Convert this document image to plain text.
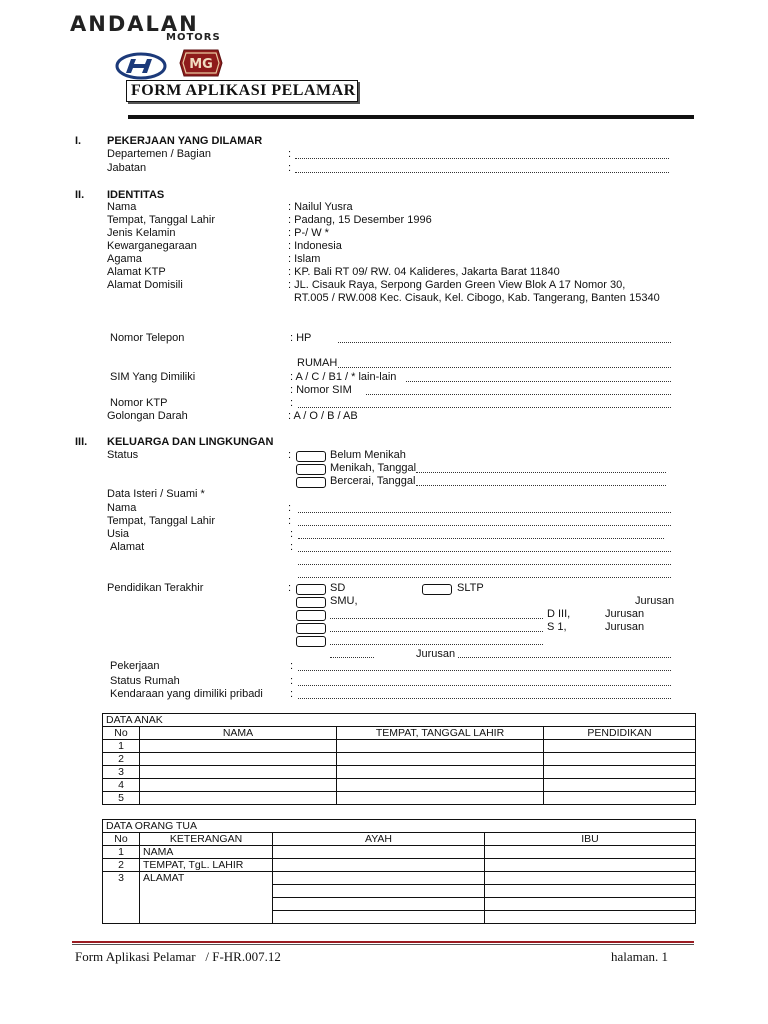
ANDALAN
MOTORS
MG
FORM APLIKASI PELAMAR
I. PEKERJAAN YANG DILAMAR
Departemen / Bagian	:
Jabatan	:
II. IDENTITAS
Nama	: Nailul Yusra
Tempat, Tanggal Lahir	: Padang, 15 Desember 1996
Jenis Kelamin	: P-/ W *
Kewarganegaraan	: Indonesia
Agama	: Islam
Alamat KTP	: KP. Bali RT 09/ RW. 04 Kalideres, Jakarta Barat 11840
Alamat Domisili	: JL. Cisauk Raya, Serpong Garden Green View Blok A 17 Nomor 30,
RT.005 / RW.008 Kec. Cisauk, Kel. Cibogo, Kab. Tangerang, Banten 15340
Nomor Telepon	: HP
RUMAH
SIM Yang Dimiliki	: A / C / B1 / * lain-lain
: Nomor SIM
Nomor KTP	:
Golongan Darah	: A / O / B / AB
III. KELUARGA DAN LINGKUNGAN
Status	:	Belum Menikah
Menikah, Tanggal
Bercerai, Tanggal
Data Isteri / Suami *
Nama	:
Tempat, Tanggal Lahir	:
Usia	:
Alamat	:
Pendidikan Terakhir	:	SD	SLTP
SMU,	Jurusan
D III,	Jurusan
S 1,	Jurusan
Jurusan
Pekerjaan	:
Status Rumah	:
Kendaraan yang dimiliki pribadi :
DATA ANAK			
No	NAMA	TEMPAT, TANGGAL LAHIR	PENDIDIKAN
1			
2			
3			
4			
5			
DATA ORANG TUA			
No	KETERANGAN	AYAH	IBU
1	NAMA		
2	TEMPAT, TgL. LAHIR		
3	ALAMAT		

Form Aplikasi Pelamar   / F-HR.007.12	halaman. 1
